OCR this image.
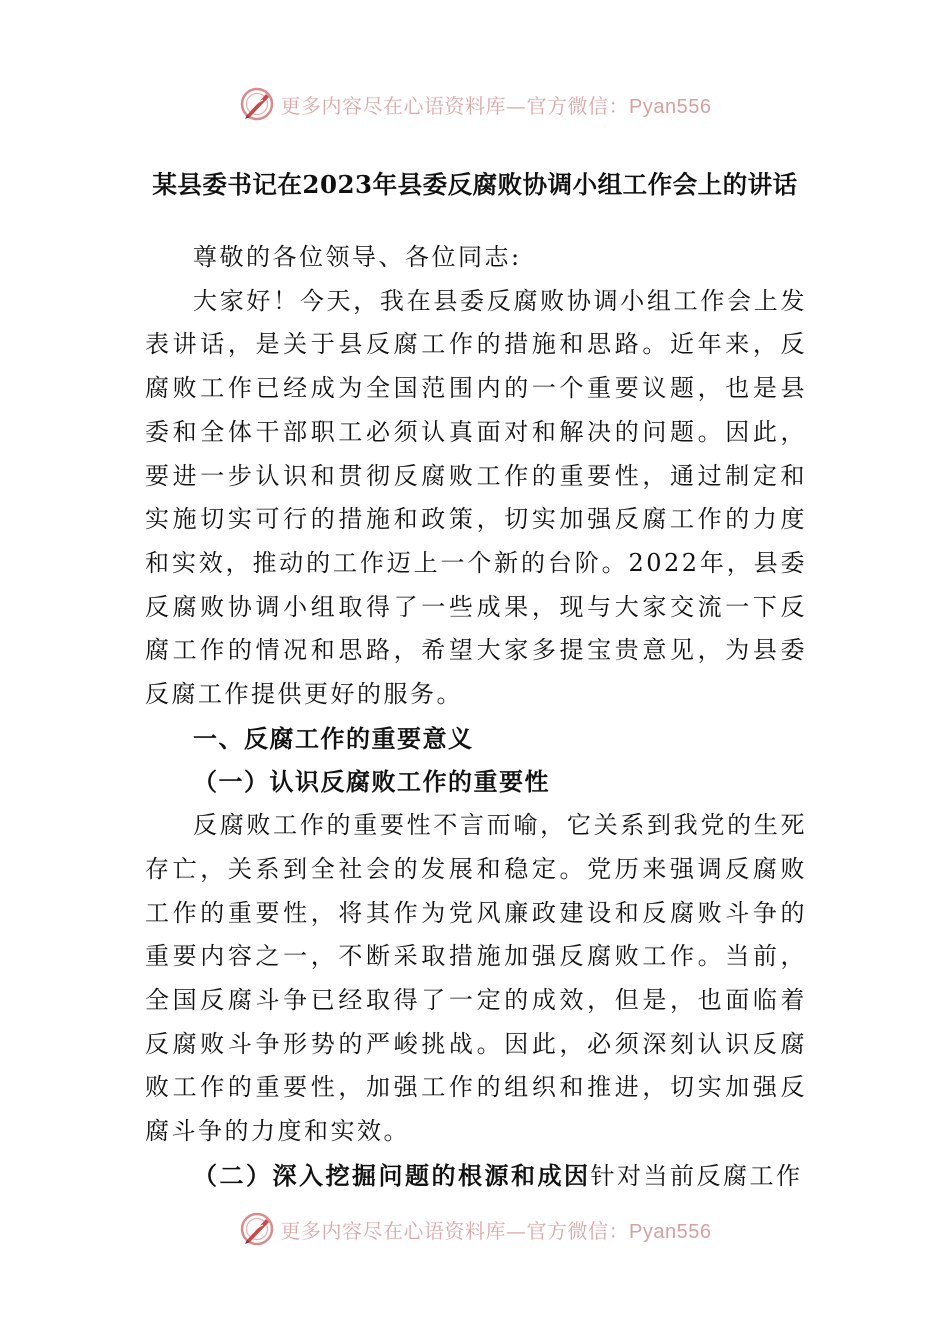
更多内容尽在心语资料库—官方微信：Pyan556
某县委书记在2023年县委反腐败协调小组工作会上的讲话

尊敬的各位领导、各位同志:

大家好！今天，我在县委反腐败协调小组工作会上发表讲话，是关于县反腐工作的措施和思路。近年来，反腐败工作已经成为全国范围内的一个重要议题，也是县委和全体干部职工必须认真面对和解决的问题。因此，要进一步认识和贯彻反腐败工作的重要性，通过制定和实施切实可行的措施和政策，切实加强反腐工作的力度和实效，推动的工作迈上一个新的台阶。2022年，县委反腐败协调小组取得了一些成果，现与大家交流一下反腐工作的情况和思路，希望大家多提宝贵意见，为县委反腐工作提供更好的服务。

一、反腐工作的重要意义

（一）认识反腐败工作的重要性

反腐败工作的重要性不言而喻，它关系到我党的生死存亡，关系到全社会的发展和稳定。党历来强调反腐败工作的重要性，将其作为党风廉政建设和反腐败斗争的重要内容之一，不断采取措施加强反腐败工作。当前，全国反腐斗争已经取得了一定的成效，但是，也面临着反腐败斗争形势的严峻挑战。因此，必须深刻认识反腐败工作的重要性，加强工作的组织和推进，切实加强反腐斗争的力度和实效。

（二）深入挖掘问题的根源和成因针对当前反腐工作

更多内容尽在心语资料库—官方微信：Pyan556
